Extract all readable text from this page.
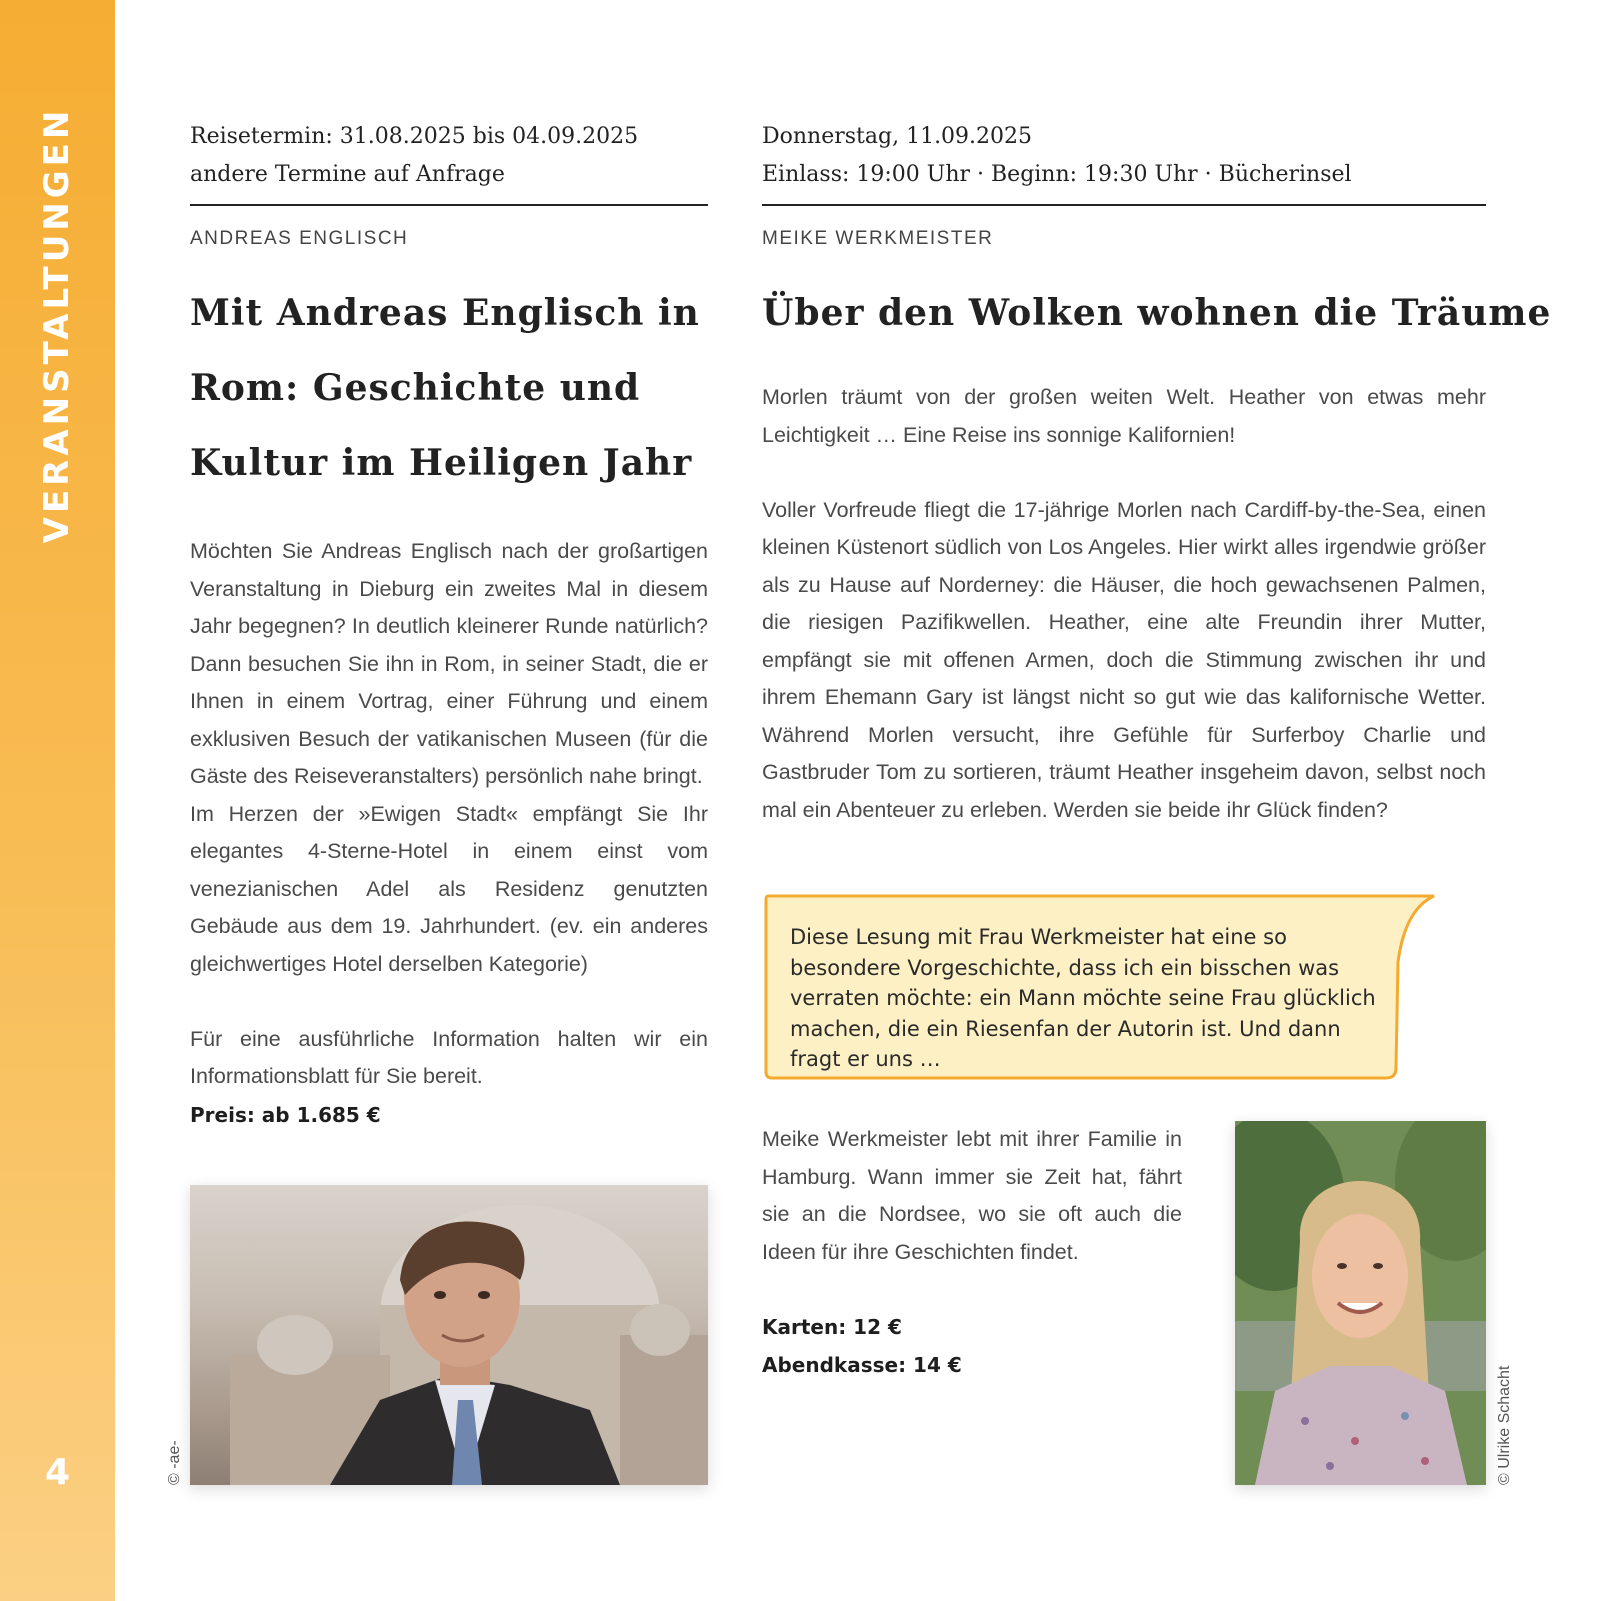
VERANSTALTUNGEN
4
Reisetermin: 31.08.2025 bis 04.09.2025
andere Termine auf Anfrage
ANDREAS ENGLISCH
Mit Andreas Englisch in
Rom: Geschichte und
Kultur im Heiligen Jahr

Möchten Sie Andreas Englisch nach der großartigen Veranstaltung in Dieburg ein zweites Mal in diesem Jahr begegnen? In deutlich kleinerer Runde natürlich? Dann besuchen Sie ihn in Rom, in seiner Stadt, die er Ihnen in einem Vortrag, einer Führung und einem exklusiven Besuch der vatikanischen Museen (für die Gäste des Reiseveranstalters) persönlich nahe bringt.

Im Herzen der »Ewigen Stadt« empfängt Sie Ihr elegantes 4-Sterne-Hotel in einem einst vom venezianischen Adel als Residenz genutzten Gebäude aus dem 19. Jahrhundert. (ev. ein anderes gleichwertiges Hotel derselben Kategorie)

Für eine ausführliche Information halten wir ein Informationsblatt für Sie bereit.

Preis: ab 1.685 €
© -ae-
Donnerstag, 11.09.2025
Einlass: 19:00 Uhr · Beginn: 19:30 Uhr · Bücherinsel
MEIKE WERKMEISTER
Über den Wolken wohnen die Träume

Morlen träumt von der großen weiten Welt. Heather von etwas mehr Leichtigkeit … Eine Reise ins sonnige Kalifornien!

Voller Vorfreude fliegt die 17-jährige Morlen nach Cardiff-by-the-Sea, einen kleinen Küstenort südlich von Los Angeles. Hier wirkt alles irgendwie größer als zu Hause auf Norderney: die Häuser, die hoch gewachsenen Palmen, die riesigen Pazifikwellen. Heather, eine alte Freundin ihrer Mutter, empfängt sie mit offenen Armen, doch die Stimmung zwischen ihr und ihrem Ehemann Gary ist längst nicht so gut wie das kalifornische Wetter. Während Morlen versucht, ihre Gefühle für Surferboy Charlie und Gastbruder Tom zu sortieren, träumt Heather insgeheim davon, selbst noch mal ein Abenteuer zu erleben. Werden sie beide ihr Glück finden?

Diese Lesung mit Frau Werkmeister hat eine so besondere Vorgeschichte, dass ich ein bisschen was verraten möchte: ein Mann möchte seine Frau glücklich machen, die ein Riesenfan der Autorin ist. Und dann fragt er uns …
Meike Werkmeister lebt mit ihrer Familie in Hamburg. Wann immer sie Zeit hat, fährt sie an die Nordsee, wo sie oft auch die Ideen für ihre Geschichten findet.
Karten: 12 €
Abendkasse: 14 €
© Ulrike Schacht
